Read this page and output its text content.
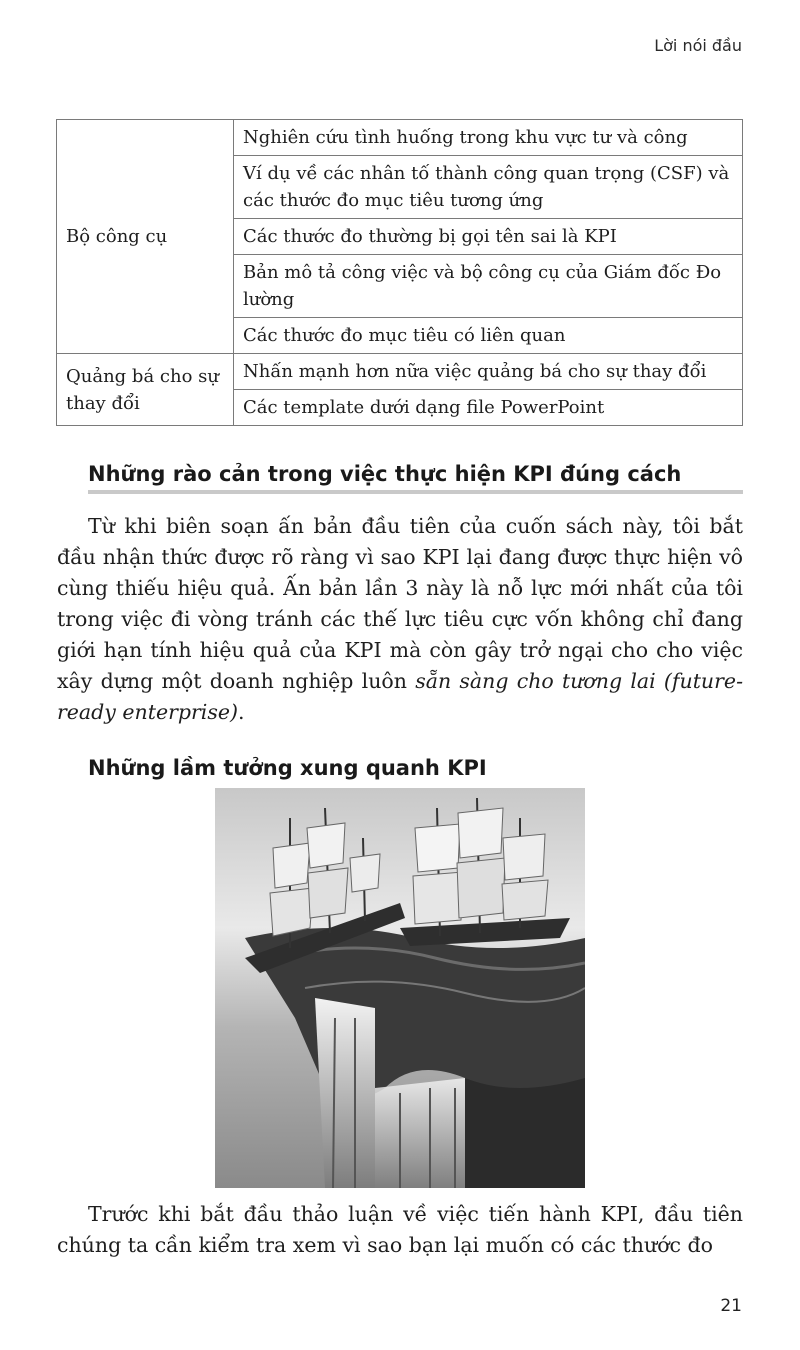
Lời nói đầu
Bộ công cụ	Nghiên cứu tình huống trong khu vực tư và công
	Ví dụ về các nhân tố thành công quan trọng (CSF) và các thước đo mục tiêu tương ứng
	Các thước đo thường bị gọi tên sai là KPI
	Bản mô tả công việc và bộ công cụ của Giám đốc Đo lường
	Các thước đo mục tiêu có liên quan
Quảng bá cho sự thay đổi	Nhấn mạnh hơn nữa việc quảng bá cho sự thay đổi
	Các template dưới dạng file PowerPoint
Những rào cản trong việc thực hiện KPI đúng cách

Từ khi biên soạn ấn bản đầu tiên của cuốn sách này, tôi bắt đầu nhận thức được rõ ràng vì sao KPI lại đang được thực hiện vô cùng thiếu hiệu quả. Ấn bản lần 3 này là nỗ lực mới nhất của tôi trong việc đi vòng tránh các thế lực tiêu cực vốn không chỉ đang giới hạn tính hiệu quả của KPI mà còn gây trở ngại cho cho việc xây dựng một doanh nghiệp luôn sẵn sàng cho tương lai (future-ready enterprise).

Những lầm tưởng xung quanh KPI

Trước khi bắt đầu thảo luận về việc tiến hành KPI, đầu tiên chúng ta cần kiểm tra xem vì sao bạn lại muốn có các thước đo

21
